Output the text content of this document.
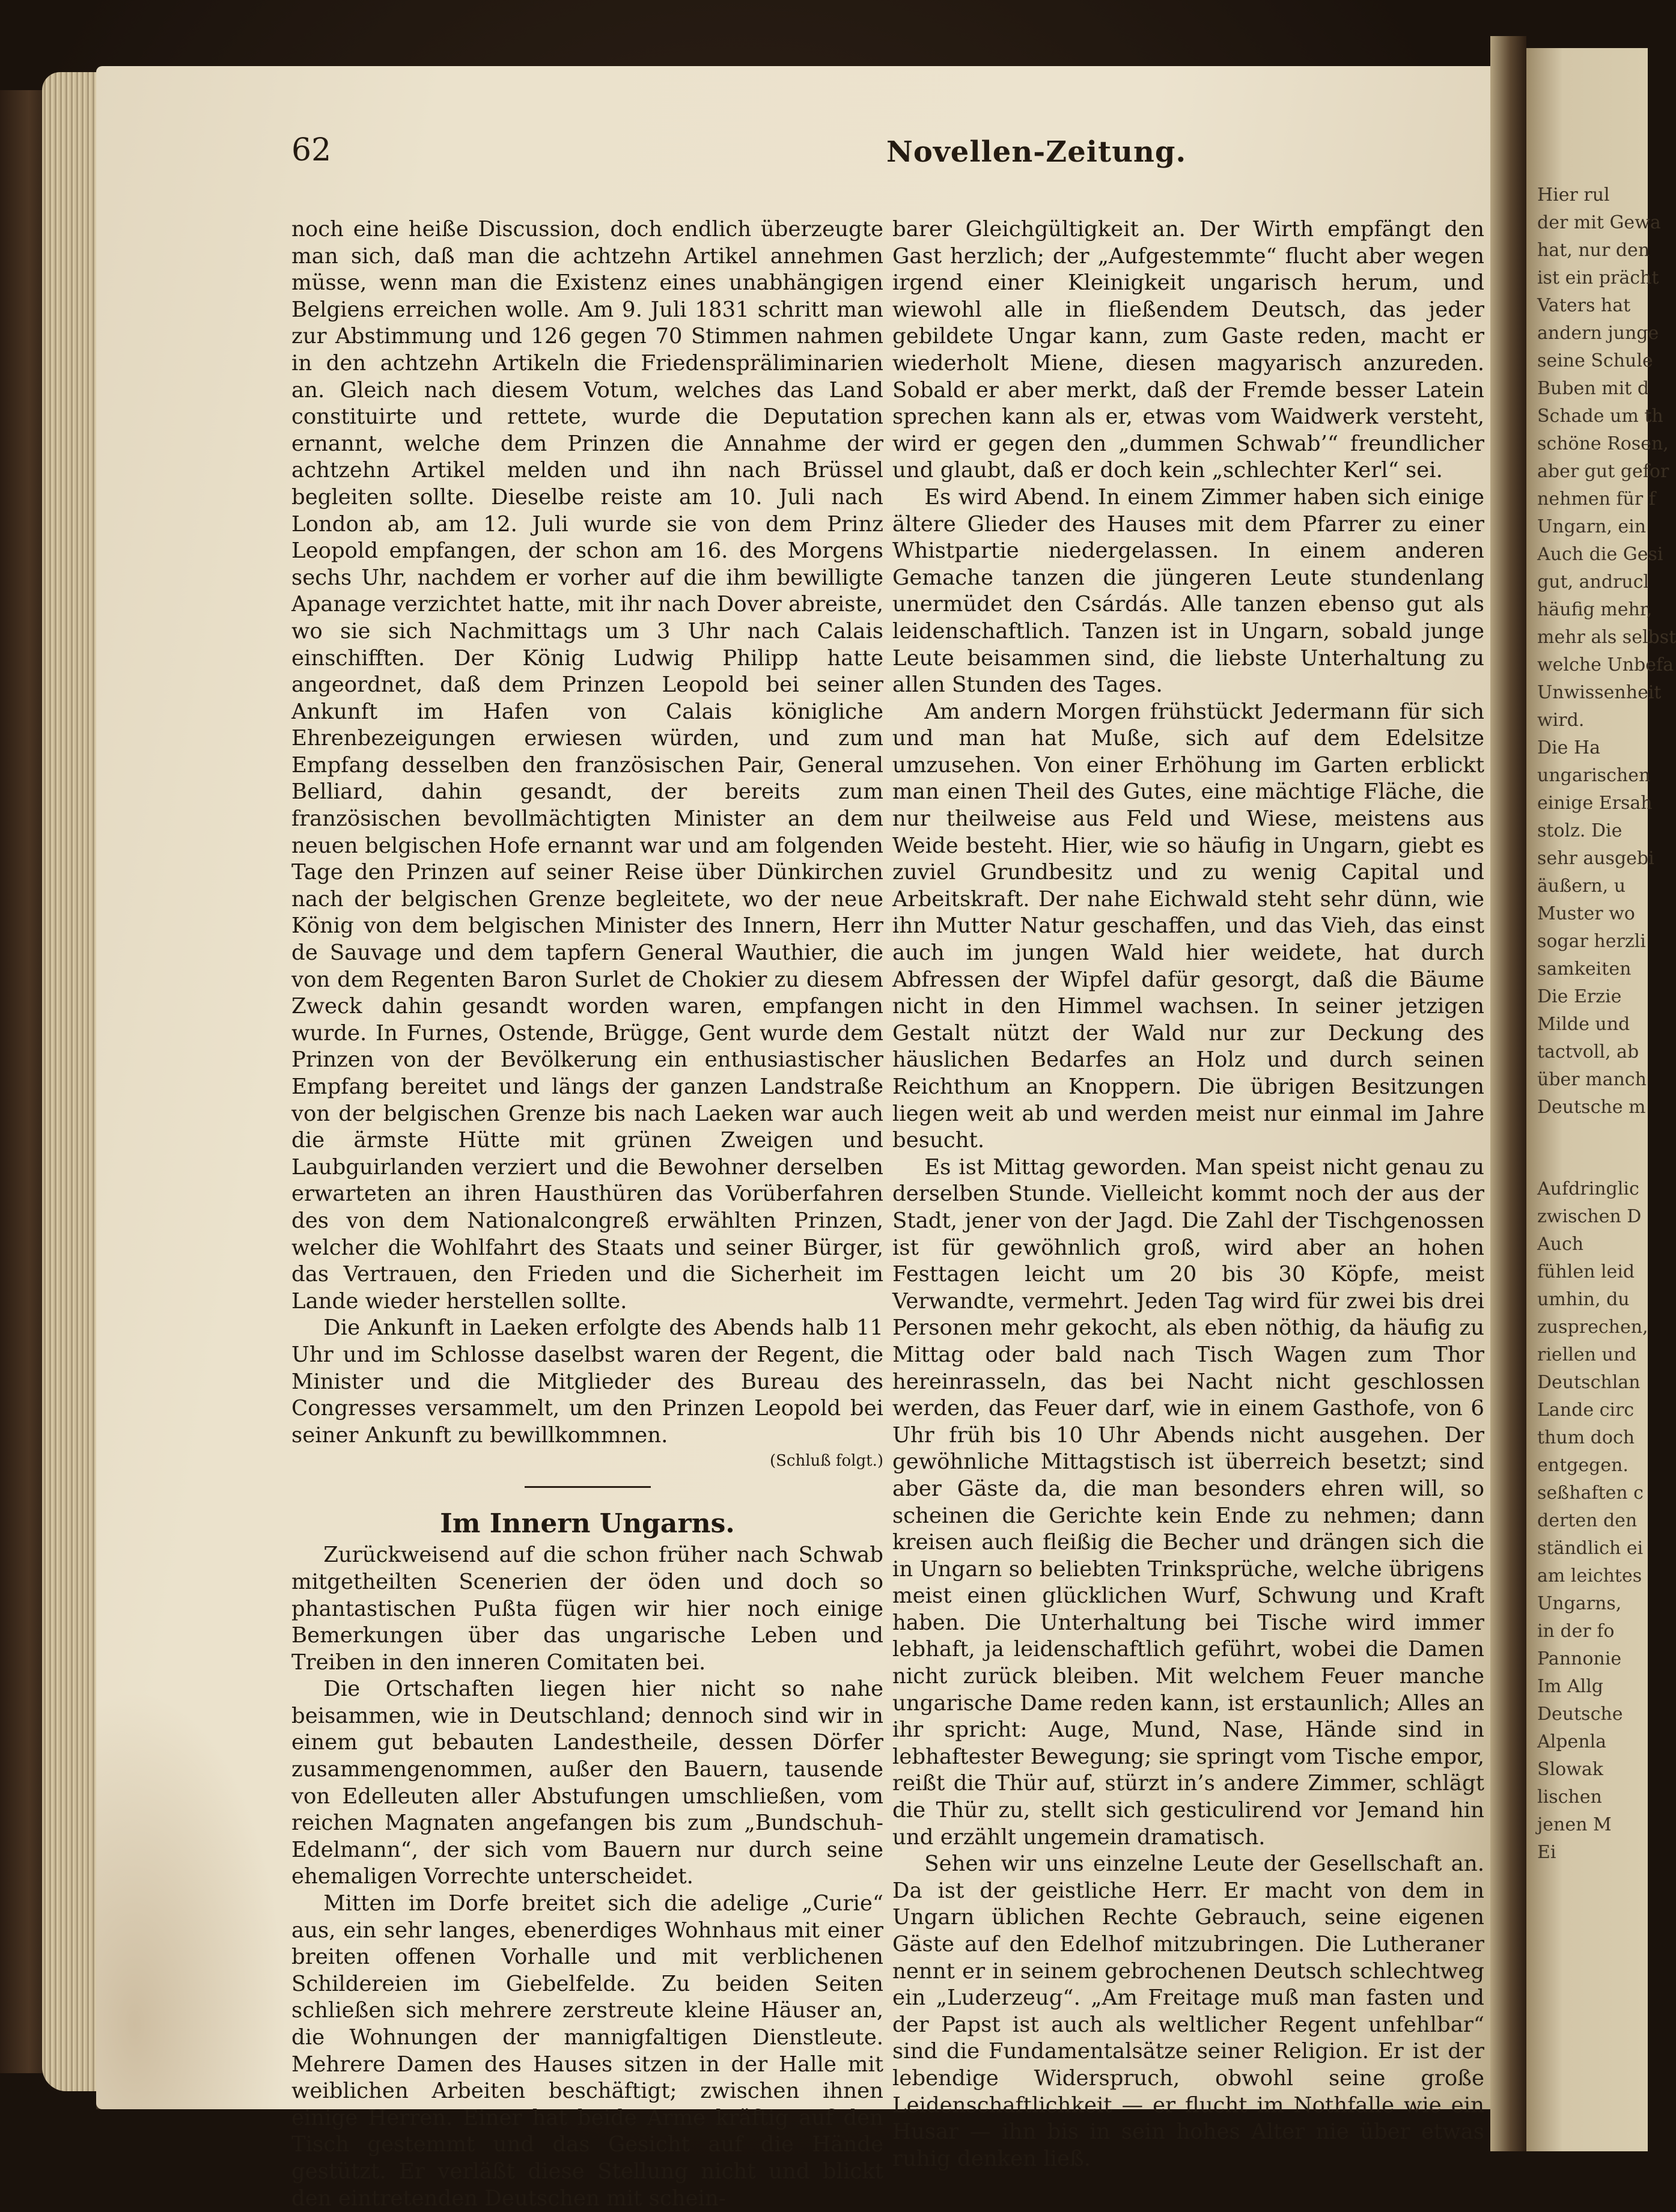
62	Novellen-Zeitung.

noch eine heiße Discussion, doch endlich überzeugte man sich, daß man die achtzehn Artikel annehmen müsse, wenn man die Existenz eines unabhängigen Belgiens erreichen wolle. Am 9. Juli 1831 schritt man zur Abstimmung und 126 gegen 70 Stimmen nahmen in den achtzehn Artikeln die Friedenspräliminarien an. Gleich nach diesem Votum, welches das Land constituirte und rettete, wurde die Deputation ernannt, welche dem Prinzen die Annahme der achtzehn Artikel melden und ihn nach Brüssel begleiten sollte. Dieselbe reiste am 10. Juli nach London ab, am 12. Juli wurde sie von dem Prinz Leopold empfangen, der schon am 16. des Morgens sechs Uhr, nachdem er vorher auf die ihm bewilligte Apanage verzichtet hatte, mit ihr nach Dover abreiste, wo sie sich Nachmittags um 3 Uhr nach Calais einschifften. Der König Ludwig Philipp hatte angeordnet, daß dem Prinzen Leopold bei seiner Ankunft im Hafen von Calais königliche Ehrenbezeigungen erwiesen würden, und zum Empfang desselben den französischen Pair, General Belliard, dahin gesandt, der bereits zum französischen bevollmächtigten Minister an dem neuen belgischen Hofe ernannt war und am folgenden Tage den Prinzen auf seiner Reise über Dünkirchen nach der belgischen Grenze begleitete, wo der neue König von dem belgischen Minister des Innern, Herr de Sauvage und dem tapfern General Wauthier, die von dem Regenten Baron Surlet de Chokier zu diesem Zweck dahin gesandt worden waren, empfangen wurde. In Furnes, Ostende, Brügge, Gent wurde dem Prinzen von der Bevölkerung ein enthusiastischer Empfang bereitet und längs der ganzen Landstraße von der belgischen Grenze bis nach Laeken war auch die ärmste Hütte mit grünen Zweigen und Laubguirlanden verziert und die Bewohner derselben erwarteten an ihren Hausthüren das Vorüberfahren des von dem Nationalcongreß erwählten Prinzen, welcher die Wohlfahrt des Staats und seiner Bürger, das Vertrauen, den Frieden und die Sicherheit im Lande wieder herstellen sollte.

Die Ankunft in Laeken erfolgte des Abends halb 11 Uhr und im Schlosse daselbst waren der Regent, die Minister und die Mitglieder des Bureau des Congresses versammelt, um den Prinzen Leopold bei seiner Ankunft zu bewillkommnen.

(Schluß folgt.)

Im Innern Ungarns.

Zurückweisend auf die schon früher nach Schwab mitgetheilten Scenerien der öden und doch so phantastischen Pußta fügen wir hier noch einige Bemerkungen über das ungarische Leben und Treiben in den inneren Comitaten bei.

Die Ortschaften liegen hier nicht so nahe beisammen, wie in Deutschland; dennoch sind wir in einem gut bebauten Landestheile, dessen Dörfer zusammengenommen, außer den Bauern, tausende von Edelleuten aller Abstufungen umschließen, vom reichen Magnaten angefangen bis zum „Bundschuh-Edelmann“, der sich vom Bauern nur durch seine ehemaligen Vorrechte unterscheidet.

Mitten im Dorfe breitet sich die adelige „Curie“ aus, ein sehr langes, ebenerdiges Wohnhaus mit einer breiten offenen Vorhalle und mit verblichenen Schildereien im Giebelfelde. Zu beiden Seiten schließen sich mehrere zerstreute kleine Häuser an, die Wohnungen der mannigfaltigen Dienstleute. Mehrere Damen des Hauses sitzen in der Halle mit weiblichen Arbeiten beschäftigt; zwischen ihnen einige Herren. Einer hat beide Arme kräftig auf den Tisch gestemmt und das Gesicht auf die Hände gestützt. Er verläßt diese Stellung nicht und blickt den eintretenden Deutschen mit schein-

barer Gleichgültigkeit an. Der Wirth empfängt den Gast herzlich; der „Aufgestemmte“ flucht aber wegen irgend einer Kleinigkeit ungarisch herum, und wiewohl alle in fließendem Deutsch, das jeder gebildete Ungar kann, zum Gaste reden, macht er wiederholt Miene, diesen magyarisch anzureden. Sobald er aber merkt, daß der Fremde besser Latein sprechen kann als er, etwas vom Waidwerk versteht, wird er gegen den „dummen Schwab’“ freundlicher und glaubt, daß er doch kein „schlechter Kerl“ sei.

Es wird Abend. In einem Zimmer haben sich einige ältere Glieder des Hauses mit dem Pfarrer zu einer Whistpartie niedergelassen. In einem anderen Gemache tanzen die jüngeren Leute stundenlang unermüdet den Csárdás. Alle tanzen ebenso gut als leidenschaftlich. Tanzen ist in Ungarn, sobald junge Leute beisammen sind, die liebste Unterhaltung zu allen Stunden des Tages.

Am andern Morgen frühstückt Jedermann für sich und man hat Muße, sich auf dem Edelsitze umzusehen. Von einer Erhöhung im Garten erblickt man einen Theil des Gutes, eine mächtige Fläche, die nur theilweise aus Feld und Wiese, meistens aus Weide besteht. Hier, wie so häufig in Ungarn, giebt es zuviel Grundbesitz und zu wenig Capital und Arbeitskraft. Der nahe Eichwald steht sehr dünn, wie ihn Mutter Natur geschaffen, und das Vieh, das einst auch im jungen Wald hier weidete, hat durch Abfressen der Wipfel dafür gesorgt, daß die Bäume nicht in den Himmel wachsen. In seiner jetzigen Gestalt nützt der Wald nur zur Deckung des häuslichen Bedarfes an Holz und durch seinen Reichthum an Knoppern. Die übrigen Besitzungen liegen weit ab und werden meist nur einmal im Jahre besucht.

Es ist Mittag geworden. Man speist nicht genau zu derselben Stunde. Vielleicht kommt noch der aus der Stadt, jener von der Jagd. Die Zahl der Tischgenossen ist für gewöhnlich groß, wird aber an hohen Festtagen leicht um 20 bis 30 Köpfe, meist Verwandte, vermehrt. Jeden Tag wird für zwei bis drei Personen mehr gekocht, als eben nöthig, da häufig zu Mittag oder bald nach Tisch Wagen zum Thor hereinrasseln, das bei Nacht nicht geschlossen werden, das Feuer darf, wie in einem Gasthofe, von 6 Uhr früh bis 10 Uhr Abends nicht ausgehen. Der gewöhnliche Mittagstisch ist überreich besetzt; sind aber Gäste da, die man besonders ehren will, so scheinen die Gerichte kein Ende zu nehmen; dann kreisen auch fleißig die Becher und drängen sich die in Ungarn so beliebten Trinksprüche, welche übrigens meist einen glücklichen Wurf, Schwung und Kraft haben. Die Unterhaltung bei Tische wird immer lebhaft, ja leidenschaftlich geführt, wobei die Damen nicht zurück bleiben. Mit welchem Feuer manche ungarische Dame reden kann, ist erstaunlich; Alles an ihr spricht: Auge, Mund, Nase, Hände sind in lebhaftester Bewegung; sie springt vom Tische empor, reißt die Thür auf, stürzt in’s andere Zimmer, schlägt die Thür zu, stellt sich gesticulirend vor Jemand hin und erzählt ungemein dramatisch.

Sehen wir uns einzelne Leute der Gesellschaft an. Da ist der geistliche Herr. Er macht von dem in Ungarn üblichen Rechte Gebrauch, seine eigenen Gäste auf den Edelhof mitzubringen. Die Lutheraner nennt er in seinem gebrochenen Deutsch schlechtweg ein „Luderzeug“. „Am Freitage muß man fasten und der Papst ist auch als weltlicher Regent unfehlbar“ sind die Fundamentalsätze seiner Religion. Er ist der lebendige Widerspruch, obwohl seine große Leidenschaftlichkeit — er flucht im Nothfalle wie ein Husar — ihn bis in sein hohes Alter nie über etwas ruhig denken ließ.

Hier rul
der mit Gewa
hat, nur den
ist ein prächt
Vaters hat
andern junge
seine Schule
Buben mit d
Schade um th
schöne Rosen,
aber gut gefor
nehmen für f
Ungarn, ein
Auch die Gesi
gut, andrucl
häufig mehr,
mehr als selbst
welche Unbefa
Unwissenheit
wird.
Die Ha
ungarischen
einige Ersah
stolz. Die
sehr ausgebi
äußern, u
Muster wo
sogar herzli
samkeiten
Die Erzie
Milde und
tactvoll, ab
über manch
Deutsche m
Aufdringlic
zwischen D
Auch
fühlen leid
umhin, du
zusprechen,
riellen und
Deutschlan
Lande circ
thum doch
entgegen.
seßhaften c
derten den
ständlich ei
am leichtes
Ungarns,
in der fo
Pannonie
Im Allg
Deutsche
Alpenla
Slowak
lischen
jenen M
Ei
